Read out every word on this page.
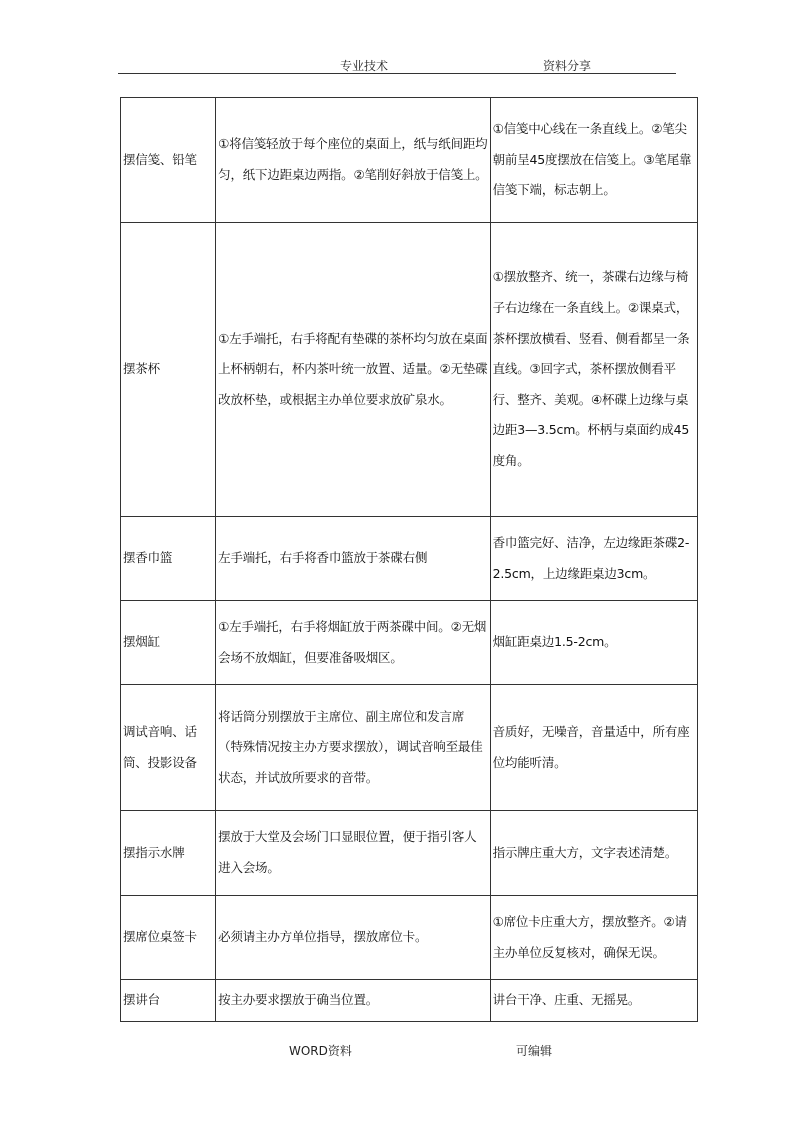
专业技术	资料分享
摆信笺、铅笔	①将信笺轻放于每个座位的桌面上，纸与纸间距均匀，纸下边距桌边两指。②笔削好斜放于信笺上。	①信笺中心线在一条直线上。②笔尖朝前呈45度摆放在信笺上。③笔尾靠信笺下端，标志朝上。
摆茶杯	①左手端托，右手将配有垫碟的茶杯均匀放在桌面上杯柄朝右，杯内茶叶统一放置、适量。②无垫碟改放杯垫，或根据主办单位要求放矿泉水。	①摆放整齐、统一，茶碟右边缘与椅子右边缘在一条直线上。②课桌式，茶杯摆放横看、竖看、侧看都呈一条直线。③回字式，茶杯摆放侧看平行、整齐、美观。④杯碟上边缘与桌边距3—3.5cm。杯柄与桌面约成45度角。
摆香巾篮	左手端托，右手将香巾篮放于茶碟右侧	香巾篮完好、洁净，左边缘距茶碟2-2.5cm，上边缘距桌边3cm。
摆烟缸	①左手端托，右手将烟缸放于两茶碟中间。②无烟会场不放烟缸，但要准备吸烟区。	烟缸距桌边1.5-2cm。
调试音响、话筒、投影设备	将话筒分别摆放于主席位、副主席位和发言席（特殊情况按主办方要求摆放），调试音响至最佳状态，并试放所要求的音带。	音质好，无噪音，音量适中，所有座位均能听清。
摆指示水牌	摆放于大堂及会场门口显眼位置，便于指引客人进入会场。	指示牌庄重大方，文字表述清楚。
摆席位桌签卡	必须请主办方单位指导，摆放席位卡。	①席位卡庄重大方，摆放整齐。②请主办单位反复核对，确保无误。
摆讲台	按主办要求摆放于确当位置。	讲台干净、庄重、无摇晃。
WORD资料	可编辑
